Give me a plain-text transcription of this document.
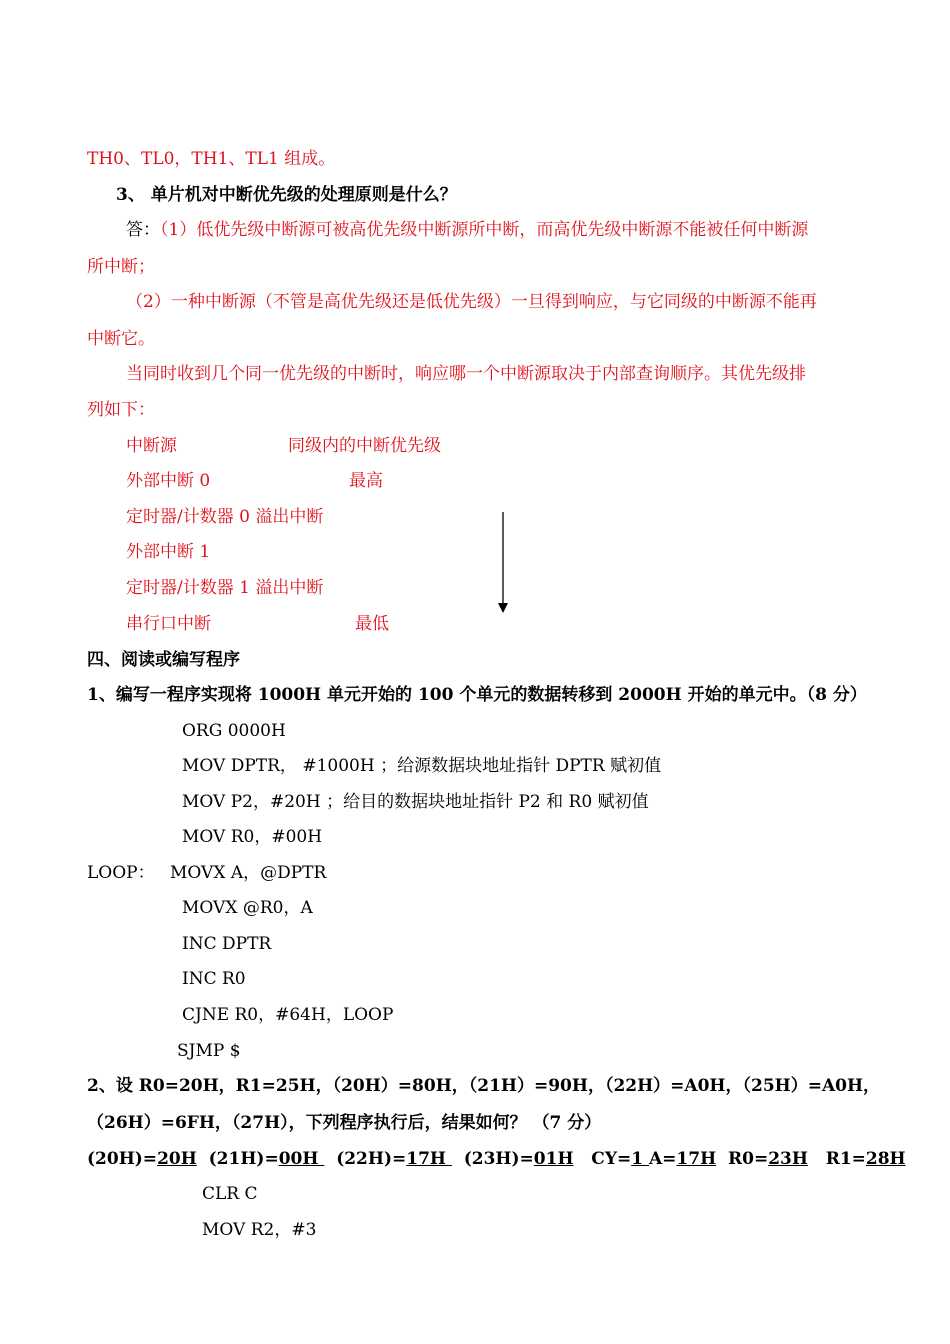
TH0、TL0，TH1、TL1 组成。
3、 单片机对中断优先级的处理原则是什么？
答：（1）低优先级中断源可被高优先级中断源所中断，而高优先级中断源不能被任何中断源
所中断；
（2）一种中断源（不管是高优先级还是低优先级）一旦得到响应，与它同级的中断源不能再
中断它。
当同时收到几个同一优先级的中断时，响应哪一个中断源取决于内部查询顺序。其优先级排
列如下：
中断源	同级内的中断优先级
外部中断 0	最高
定时器/计数器 0 溢出中断
外部中断 1
定时器/计数器 1 溢出中断
串行口中断	最低
四、阅读或编写程序
1、编写一程序实现将 1000H 单元开始的 100 个单元的数据转移到 2000H 开始的单元中。（8 分）
ORG 0000H
MOV DPTR， #1000H ；给源数据块地址指针 DPTR 赋初值
MOV P2，#20H ；给目的数据块地址指针 P2 和 R0 赋初值
MOV R0，#00H
LOOP： MOVX A，@DPTR
MOVX @R0，A
INC DPTR
INC R0
CJNE R0，#64H，LOOP
SJMP $
2、设 R0=20H，R1=25H，（20H）=80H，（21H）=90H，（22H）=A0H，（25H）=A0H，
（26H）=6FH，（27H），下列程序执行后，结果如何？ （7 分）
(20H)=20H (21H)=00H   (22H)=17H   (23H)=01H CY=1 A=17H R0=23H R1=28H
CLR C
MOV R2，#3
